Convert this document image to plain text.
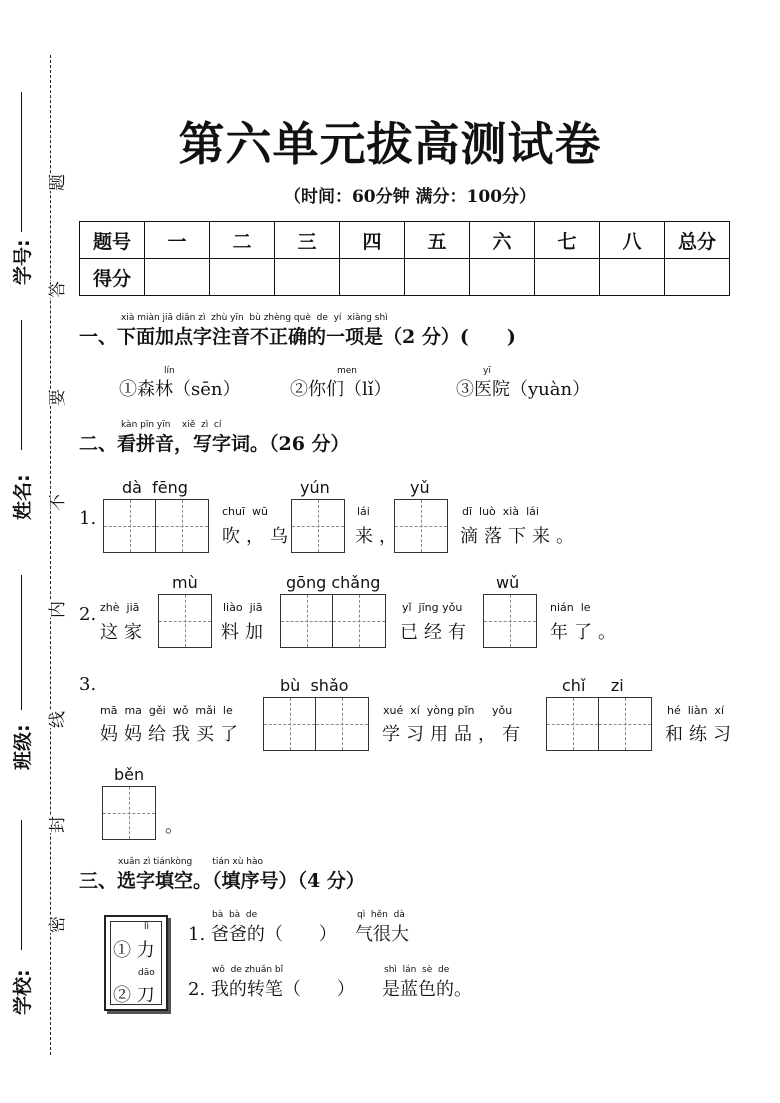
学号:
姓名:
班级:
学校:
题
答
要
不
内
线
封
密
第六单元拔高测试卷
（时间：60分钟 满分：100分）
题号	一	二	三	四	五	六	七	八	总分
得分									
xià miàn jiā diǎn zì  zhù yīn  bù zhèng què  de  yí  xiàng shì
一、下面加点字注音不正确的一项是（2 分）(　　)
lín
①森林（sēn）
men
②你们（lǐ）
yī
③医院（yuàn）
kàn pīn yīn    xiě  zì  cí
二、看拼音，写字词。（26 分）
1.
dà  fēng
chuī  wū
吹，乌
yún
lái
来，
yǔ
dī  luò  xià  lái
滴落下来。
2. zhè  jiā
这家
mù
liào  jiā
料加
gōng chǎng
yǐ  jīng yǒu
已经有
wǔ
nián  le
年了。
3.
mā  ma  gěi  wǒ  mǎi  le
妈妈给我买了
bù  shǎo
xué  xí  yòng pǐn     yǒu
学习用品，有
chǐ     zi
hé  liàn  xí
和练习
běn
。
xuǎn zì tiánkòng       tián xù hào
三、选字填空。（填序号）（4 分）
lì
① 力
dāo
② 刀
bà  bà  de
1. 爸爸的（　　）
qì  hěn  dà
气很大
wǒ  de zhuǎn bǐ
2. 我的转笔（　　）
shì  lán  sè  de
是蓝色的。
